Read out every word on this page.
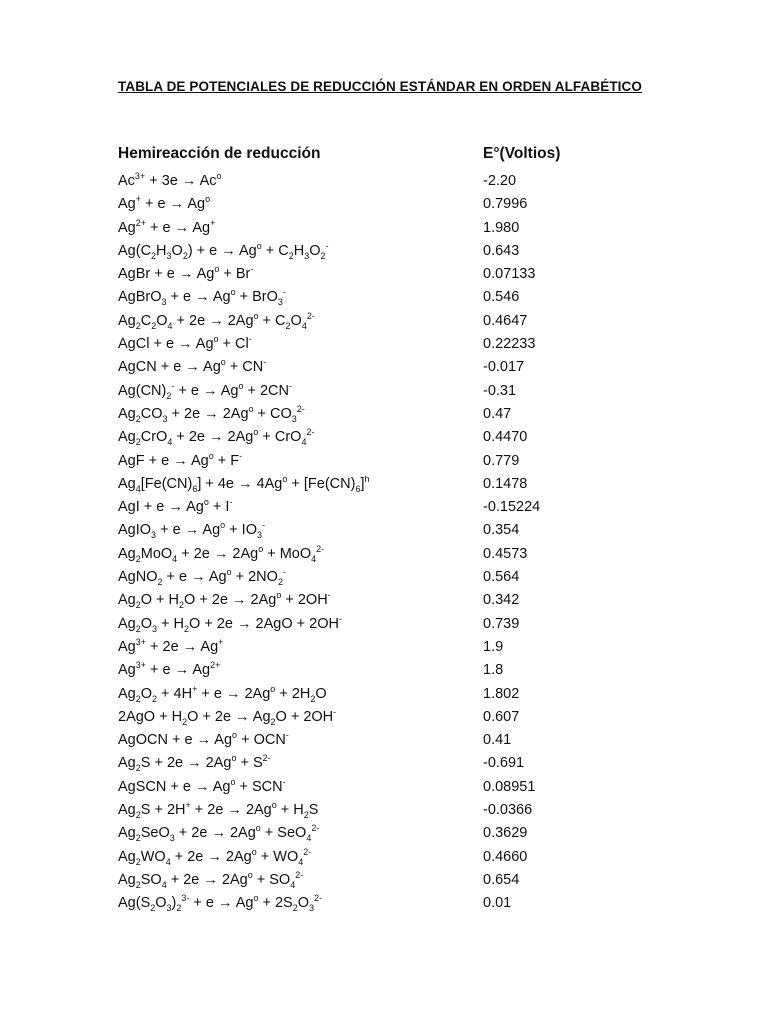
TABLA DE POTENCIALES DE REDUCCIÓN ESTÁNDAR EN ORDEN ALFABÉTICO
Hemireacción de reducción	E°(Voltios)
$Ac^{3+} + 3e \to Ac^o$	-2.20
$Ag^+ + e \to Ag^o$	0.7996
$Ag^{2+} + e \to Ag^+$	1.980
$Ag(C_2H_3O_2) + e \to Ag^o + C_2H_3O_2^-$	0.643
AgBr + $e \to Ag^o + Br^-$	0.07133
AgBrO$_3$ + $e \to Ag^o + BrO_3^-$	0.546
$Ag_2C_2O_4 + 2e \to 2Ag^o + C_2O_4^{2-}$	0.4647
AgCl + $e \to Ag^o + Cl^-$	0.22233
AgCN + $e \to Ag^o + CN^-$	-0.017
$Ag(CN)_2^- + e \to Ag^o + 2CN^-$	-0.31
$Ag_2CO_3 + 2e \to 2Ag^o + CO_3^{2-}$	0.47
$Ag_2CrO_4 + 2e \to 2Ag^o + CrO_4^{2-}$	0.4470
AgF + $e \to Ag^o + F^-$	0.779
$Ag_4[Fe(CN)_6] + 4e \to 4Ag^o + [Fe(CN)_6]^h$	0.1478
AgI + $e \to Ag^o + I^-$	-0.15224
AgIO$_3$ + $e \to Ag^o + IO_3^-$	0.354
$Ag_2MoO_4 + 2e \to 2Ag^o + MoO_4^{2-}$	0.4573
AgNO$_2$ + $e \to Ag^o + 2NO_2^-$	0.564
$Ag_2O + H_2O + 2e \to 2Ag^o + 2OH^-$	0.342
$Ag_2O_3 + H_2O + 2e \to 2AgO + 2OH^-$	0.739
$Ag^{3+} + 2e \to Ag^+$	1.9
$Ag^{3+} + e \to Ag^{2+}$	1.8
$Ag_2O_2 + 4H^+ + e \to 2Ag^o + 2H_2O$	1.802
$2AgO + H_2O + 2e \to Ag_2O + 2OH^-$	0.607
AgOCN + $e \to Ag^o + OCN^-$	0.41
$Ag_2S + 2e \to 2Ag^o + S^{2-}$	-0.691
AgSCN + $e \to Ag^o + SCN^-$	0.08951
$Ag_2S + 2H^+ + 2e \to 2Ag^o + H_2S$	-0.0366
$Ag_2SeO_3 + 2e \to 2Ag^o + SeO_4^{2-}$	0.3629
$Ag_2WO_4 + 2e \to 2Ag^o + WO_4^{2-}$	0.4660
$Ag_2SO_4 + 2e \to 2Ag^o + SO_4^{2-}$	0.654
$Ag(S_2O_3)_2^{3-} + e \to Ag^o + 2S_2O_3^{2-}$	0.01
